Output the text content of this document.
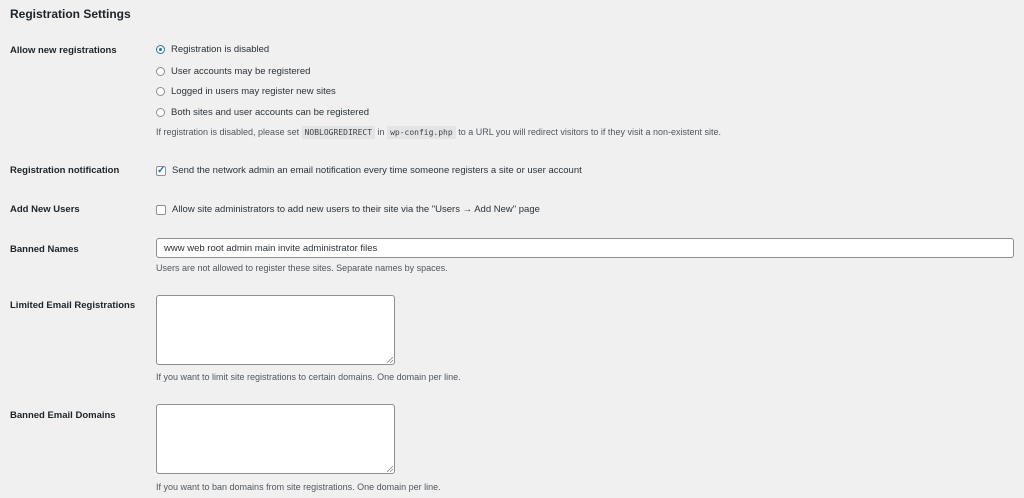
Registration Settings
Allow new registrations	Registration is disabled
User accounts may be registered
Logged in users may register new sites
Both sites and user accounts can be registered
If registration is disabled, please set NOBLOGREDIRECT in wp-config.php to a URL you will redirect visitors to if they visit a non-existent site.
Registration notification	✓ Send the network admin an email notification every time someone registers a site or user account
Add New Users	Allow site administrators to add new users to their site via the "Users → Add New" page
Banned Names	www web root admin main invite administrator files
Users are not allowed to register these sites. Separate names by spaces.
Limited Email Registrations
If you want to limit site registrations to certain domains. One domain per line.
Banned Email Domains
If you want to ban domains from site registrations. One domain per line.
